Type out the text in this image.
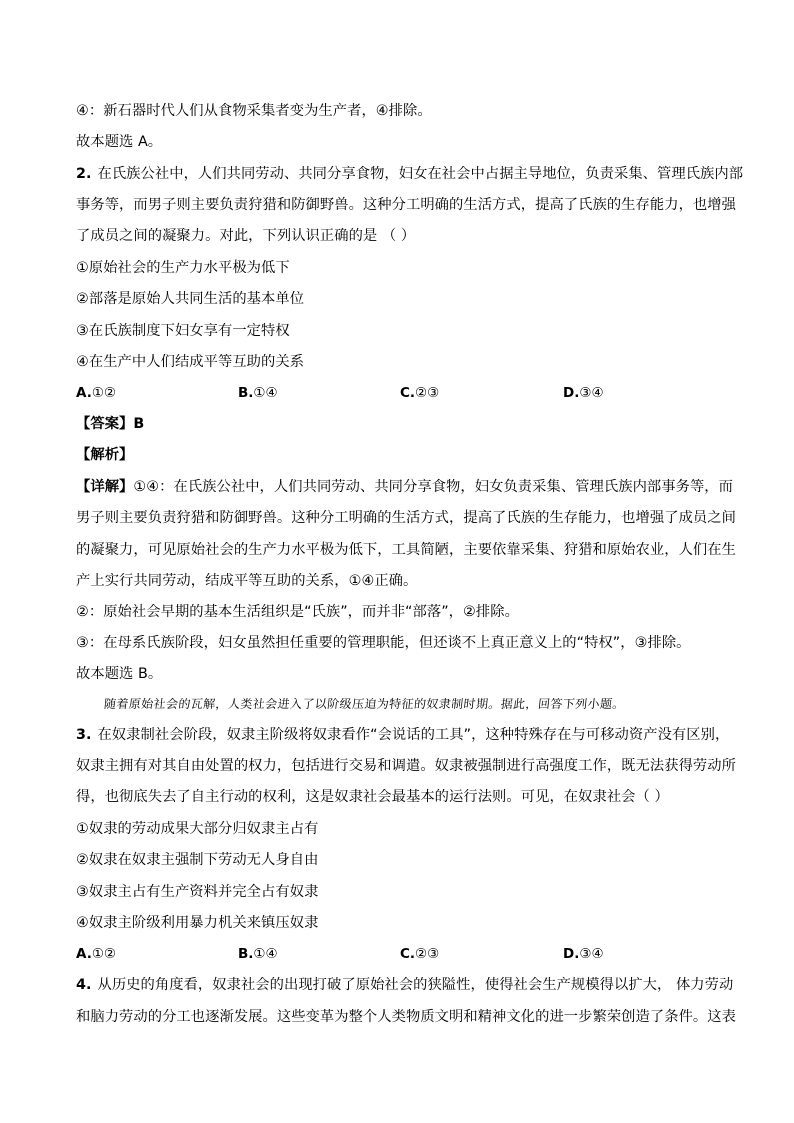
④：新石器时代人们从食物采集者变为生产者，④排除。
故本题选 A。
2. 在氏族公社中，人们共同劳动、共同分享食物，妇女在社会中占据主导地位，负责采集、管理氏族内部
事务等，而男子则主要负责狩猎和防御野兽。这种分工明确的生活方式，提高了氏族的生存能力，也增强
了成员之间的凝聚力。对此，下列认识正确的是 （ ）
①原始社会的生产力水平极为低下
②部落是原始人共同生活的基本单位
③在氏族制度下妇女享有一定特权
④在生产中人们结成平等互助的关系
A.①②	B.①④	C.②③	D.③④
【答案】B
【解析】
【详解】①④：在氏族公社中，人们共同劳动、共同分享食物，妇女负责采集、管理氏族内部事务等，而
男子则主要负责狩猎和防御野兽。这种分工明确的生活方式，提高了氏族的生存能力，也增强了成员之间
的凝聚力，可见原始社会的生产力水平极为低下，工具简陋，主要依靠采集、狩猎和原始农业，人们在生
产上实行共同劳动，结成平等互助的关系，①④正确。
②：原始社会早期的基本生活组织是“氏族”，而并非“部落”，②排除。
③：在母系氏族阶段，妇女虽然担任重要的管理职能，但还谈不上真正意义上的“特权”，③排除。
故本题选 B。
随着原始社会的瓦解，人类社会进入了以阶级压迫为特征的奴隶制时期。据此，回答下列小题。
3. 在奴隶制社会阶段，奴隶主阶级将奴隶看作“会说话的工具”，这种特殊存在与可移动资产没有区别，
奴隶主拥有对其自由处置的权力，包括进行交易和调遣。奴隶被强制进行高强度工作，既无法获得劳动所
得，也彻底失去了自主行动的权利，这是奴隶社会最基本的运行法则。可见，在奴隶社会（ ）
①奴隶的劳动成果大部分归奴隶主占有
②奴隶在奴隶主强制下劳动无人身自由
③奴隶主占有生产资料并完全占有奴隶
④奴隶主阶级利用暴力机关来镇压奴隶
A.①②	B.①④	C.②③	D.③④
4. 从历史的角度看，奴隶社会的出现打破了原始社会的狭隘性，使得社会生产规模得以扩大， 体力劳动
和脑力劳动的分工也逐渐发展。这些变革为整个人类物质文明和精神文化的进一步繁荣创造了条件。这表
